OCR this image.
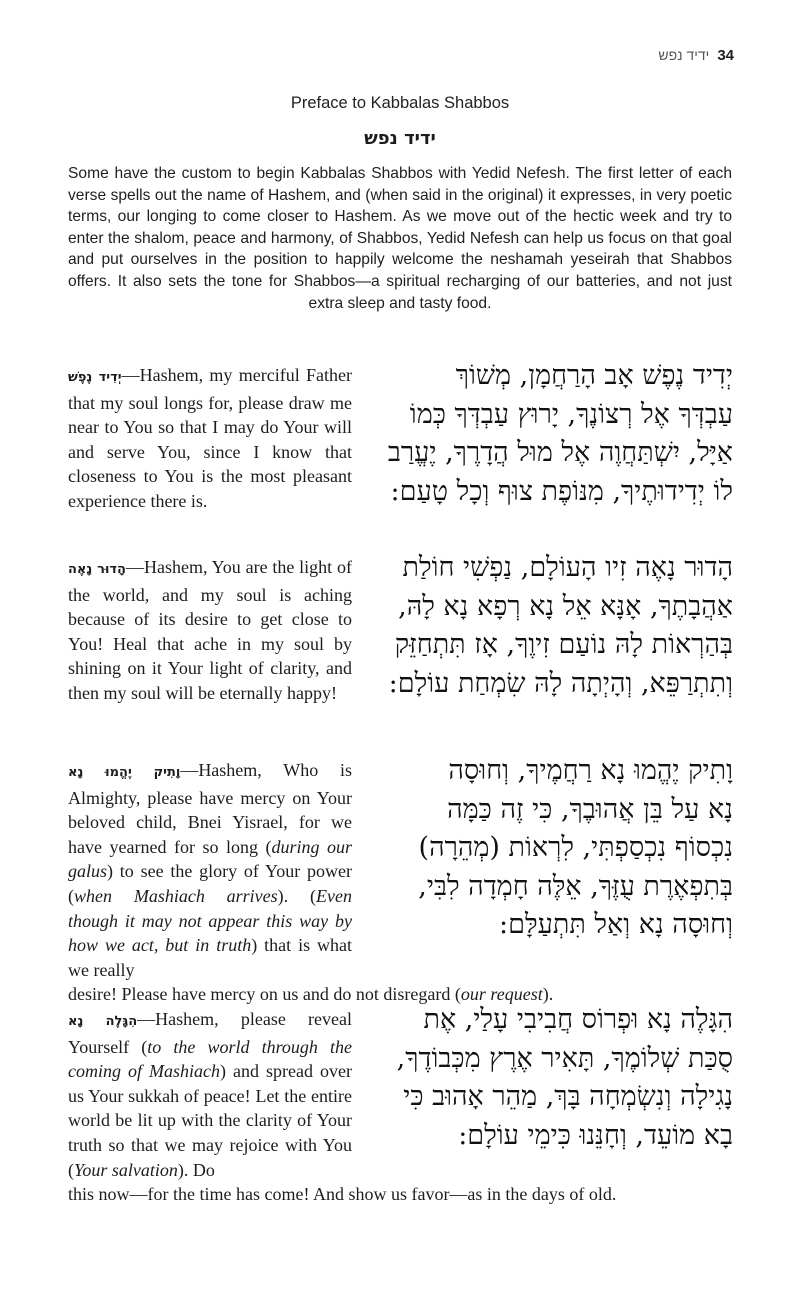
ידיד נפש 34
Preface to Kabbalas Shabbos
ידיד נפש
Some have the custom to begin Kabbalas Shabbos with Yedid Nefesh. The first letter of each verse spells out the name of Hashem, and (when said in the original) it expresses, in very poetic terms, our longing to come closer to Hashem. As we move out of the hectic week and try to enter the shalom, peace and harmony, of Shabbos, Yedid Nefesh can help us focus on that goal and put ourselves in the position to happily welcome the neshamah yeseirah that Shabbos offers. It also sets the tone for Shabbos—a spiritual recharging of our batteries, and not just extra sleep and tasty food.
יְדִיד נֶפֶשׁ—Hashem, my merciful Father that my soul longs for, please draw me near to You so that I may do Your will and serve You, since I know that closeness to You is the most pleasant experience there is.
יְדִיד נֶפֶשׁ אָב הָרַחֲמָן, מְשׁוֹךְ
עַבְדְּךָ אֶל רְצוֹנֶךָ, יָרוּץ עַבְדְּךָ כְּמוֹ
אַיָּל, יִשְׁתַּחֲוֶה אֶל מוּל הֲדָרֶךָ, יֶעֱרַב
לוֹ יְדִידוּתֶיךָ, מִנּוֹפֶת צוּף וְכָל טָעַם:
הָדוּר נָאֶה—Hashem, You are the light of the world, and my soul is aching because of its desire to get close to You! Heal that ache in my soul by shining on it Your light of clarity, and then my soul will be eternally happy!
הָדוּר נָאֶה זִיו הָעוֹלָם, נַפְשִׁי חוֹלַת
אַהֲבָתֶךָ, אָנָּא אֵל נָא רְפָא נָא לָהּ,
בְּהַרְאוֹת לָהּ נוֹעַם זִיוֶךָ, אָז תִּתְחַזֵּק
וְתִתְרַפֵּא, וְהָיְתָה לָהּ שִׂמְחַת עוֹלָם:
וָתִיק יֶהֱמוּ נָא—Hashem, Who is Almighty, please have mercy on Your beloved child, Bnei Yisrael, for we have yearned for so long (during our galus) to see the glory of Your power (when Mashiach arrives). (Even though it may not appear this way by how we act, but in truth) that is what we really
desire! Please have mercy on us and do not disregard (our request).
וָתִיק יֶהֱמוּ נָא רַחֲמֶיךָ, וְחוּסָה
נָא עַל בֵּן אֲהוּבֶךָ, כִּי זֶה כַּמָּה
נִכְסוֹף נִכְסַפְתִּי, לִרְאוֹת (מְהֵרָה)
בְּתִפְאֶרֶת עֻזֶּךָ, אֵלֶּה חָמְדָה לִבִּי,
וְחוּסָה נָא וְאַל תִּתְעַלָּם:
הִגָּלֶה נָא—Hashem, please reveal Yourself (to the world through the coming of Mashiach) and spread over us Your sukkah of peace! Let the entire world be lit up with the clarity of Your truth so that we may rejoice with You (Your salvation). Do
this now—for the time has come! And show us favor—as in the days of old.
הִגָּלֶה נָא וּפְרוֹס חֲבִיבִי עָלַי, אֶת
סֻכַּת שְׁלוֹמֶךָ, תָּאִיר אֶרֶץ מִכְּבוֹדֶךָ,
נָגִילָה וְנִשְׂמְחָה בָּךְ, מַהֵר אָהוּב כִּי
בָא מוֹעֵד, וְחָנֵּנוּ כִּימֵי עוֹלָם:
